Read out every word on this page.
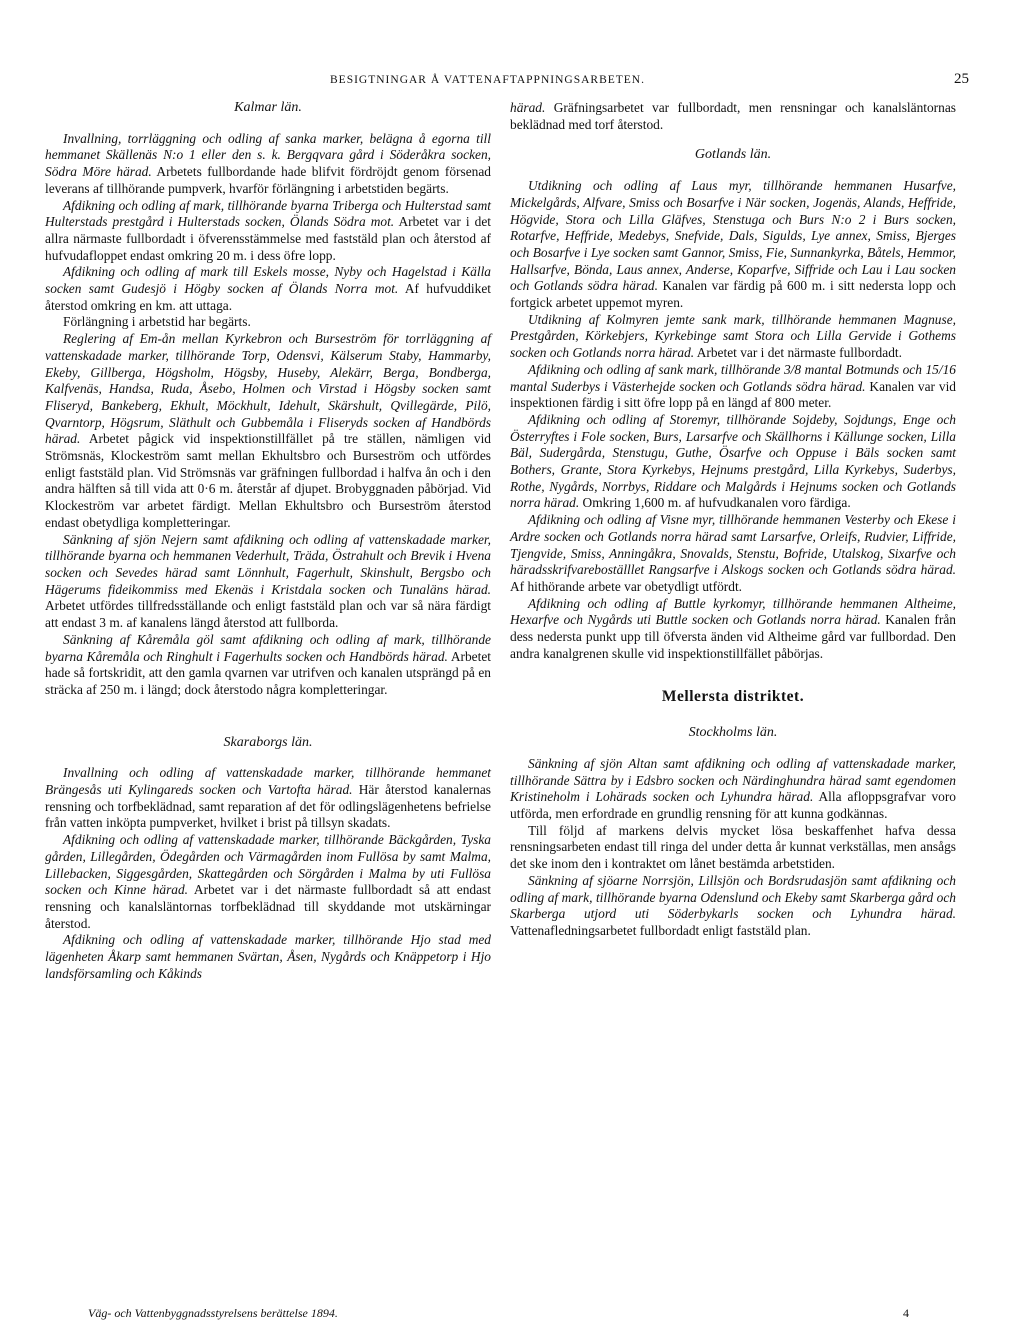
BESIGTNINGAR Å VATTENAFTAPPNINGSARBETEN.	25
Kalmar län.

Invallning, torrläggning och odling af sanka marker, belägna å egorna till hemmanet Skällenäs N:o 1 eller den s. k. Bergqvara gård i Söderåkra socken, Södra Möre härad. Arbetets fullbordande hade blifvit fördröjdt genom försenad leverans af tillhörande pumpverk, hvarför förlängning i arbetstiden begärts.

Afdikning och odling af mark, tillhörande byarna Triberga och Hulterstad samt Hulterstads prestgård i Hulterstads socken, Ölands Södra mot. Arbetet var i det allra närmaste fullbordadt i öfverensstämmelse med faststäld plan och återstod af hufvudafloppet endast omkring 20 m. i dess öfre lopp.

Afdikning och odling af mark till Eskels mosse, Nyby och Hagelstad i Källa socken samt Gudesjö i Högby socken af Ölands Norra mot. Af hufvuddiket återstod omkring en km. att uttaga.

Förlängning i arbetstid har begärts.

Reglering af Em-ån mellan Kyrkebron och Burseström för torrläggning af vattenskadade marker, tillhörande Torp, Odensvi, Kälserum Staby, Hammarby, Ekeby, Gillberga, Högsholm, Högsby, Huseby, Alekärr, Berga, Bondberga, Kalfvenäs, Handsa, Ruda, Åsebo, Holmen och Virstad i Högsby socken samt Fliseryd, Bankeberg, Ekhult, Möckhult, Idehult, Skärshult, Qvillegärde, Pilö, Qvarntorp, Högsrum, Släthult och Gubbemåla i Fliseryds socken af Handbörds härad. Arbetet pågick vid inspektionstillfället på tre ställen, nämligen vid Strömsnäs, Klockeström samt mellan Ekhultsbro och Burseström och utfördes enligt faststäld plan. Vid Strömsnäs var gräfningen fullbordad i halfva ån och i den andra hälften så till vida att 0·6 m. återstår af djupet. Brobyggnaden påbörjad. Vid Klockeström var arbetet färdigt. Mellan Ekhultsbro och Burseström återstod endast obetydliga kompletteringar.

Sänkning af sjön Nejern samt afdikning och odling af vattenskadade marker, tillhörande byarna och hemmanen Vederhult, Träda, Östrahult och Brevik i Hvena socken och Sevedes härad samt Lönnhult, Fagerhult, Skinshult, Bergsbo och Hägerums fideikommiss med Ekenäs i Kristdala socken och Tunaläns härad. Arbetet utfördes tillfredsställande och enligt faststäld plan och var så nära färdigt att endast 3 m. af kanalens längd återstod att fullborda.

Sänkning af Kåremåla göl samt afdikning och odling af mark, tillhörande byarna Kåremåla och Ringhult i Fagerhults socken och Handbörds härad. Arbetet hade så fortskridit, att den gamla qvarnen var utrifven och kanalen utsprängd på en sträcka af 250 m. i längd; dock återstodo några kompletteringar.

Skaraborgs län.

Invallning och odling af vattenskadade marker, tillhörande hemmanet Brängesås uti Kylingareds socken och Vartofta härad. Här återstod kanalernas rensning och torfbeklädnad, samt reparation af det för odlingslägenhetens befrielse från vatten inköpta pumpverket, hvilket i brist på tillsyn skadats.

Afdikning och odling af vattenskadade marker, tillhörande Bäckgården, Tyska gården, Lillegården, Ödegården och Värmagården inom Fullösa by samt Malma, Lillebacken, Siggesgården, Skattegården och Sörgården i Malma by uti Fullösa socken och Kinne härad. Arbetet var i det närmaste fullbordadt så att endast rensning och kanalsläntornas torfbeklädnad till skyddande mot utskärningar återstod.

Afdikning och odling af vattenskadade marker, tillhörande Hjo stad med lägenheten Åkarp samt hemmanen Svärtan, Åsen, Nygårds och Knäppetorp i Hjo landsförsamling och Kåkinds

härad. Gräfningsarbetet var fullbordadt, men rensningar och kanalsläntornas beklädnad med torf återstod.

Gotlands län.

Utdikning och odling af Laus myr, tillhörande hemmanen Husarfve, Mickelgårds, Alfvare, Smiss och Bosarfve i När socken, Jogenäs, Alands, Heffride, Högvide, Stora och Lilla Gläfves, Stenstuga och Burs N:o 2 i Burs socken, Rotarfve, Heffride, Medebys, Snefvide, Dals, Sigulds, Lye annex, Smiss, Bjerges och Bosarfve i Lye socken samt Gannor, Smiss, Fie, Sunnankyrka, Båtels, Hemmor, Hallsarfve, Bönda, Laus annex, Anderse, Koparfve, Siffride och Lau i Lau socken och Gotlands södra härad. Kanalen var färdig på 600 m. i sitt nedersta lopp och fortgick arbetet uppemot myren.

Utdikning af Kolmyren jemte sank mark, tillhörande hemmanen Magnuse, Prestgården, Körkebjers, Kyrkebinge samt Stora och Lilla Gervide i Gothems socken och Gotlands norra härad. Arbetet var i det närmaste fullbordadt.

Afdikning och odling af sank mark, tillhörande 3/8 mantal Botmunds och 15/16 mantal Suderbys i Västerhejde socken och Gotlands södra härad. Kanalen var vid inspektionen färdig i sitt öfre lopp på en längd af 800 meter.

Afdikning och odling af Storemyr, tillhörande Sojdeby, Sojdungs, Enge och Österryftes i Fole socken, Burs, Larsarfve och Skällhorns i Källunge socken, Lilla Bäl, Sudergårda, Stenstugu, Guthe, Ösarfve och Oppuse i Bäls socken samt Bothers, Grante, Stora Kyrkebys, Hejnums prestgård, Lilla Kyrkebys, Suderbys, Rothe, Nygårds, Norrbys, Riddare och Malgårds i Hejnums socken och Gotlands norra härad. Omkring 1,600 m. af hufvudkanalen voro färdiga.

Afdikning och odling af Visne myr, tillhörande hemmanen Vesterby och Ekese i Ardre socken och Gotlands norra härad samt Larsarfve, Orleifs, Rudvier, Liffride, Tjengvide, Smiss, Anningåkra, Snovalds, Stenstu, Bofride, Utalskog, Sixarfve och häradsskrifvareboställlet Rangsarfve i Alskogs socken och Gotlands södra härad. Af hithörande arbete var obetydligt utfördt.

Afdikning och odling af Buttle kyrkomyr, tillhörande hemmanen Altheime, Hexarfve och Nygårds uti Buttle socken och Gotlands norra härad. Kanalen från dess nedersta punkt upp till öfversta änden vid Altheime gård var fullbordad. Den andra kanalgrenen skulle vid inspektionstillfället påbörjas.

Mellersta distriktet.
Stockholms län.

Sänkning af sjön Altan samt afdikning och odling af vattenskadade marker, tillhörande Sättra by i Edsbro socken och Närdinghundra härad samt egendomen Kristineholm i Lohärads socken och Lyhundra härad. Alla afloppsgrafvar voro utförda, men erfordrade en grundlig rensning för att kunna godkännas.

Till följd af markens delvis mycket lösa beskaffenhet hafva dessa rensningsarbeten endast till ringa del under detta år kunnat verkställas, men ansågs det ske inom den i kontraktet om lånet bestämda arbetstiden.

Sänkning af sjöarne Norrsjön, Lillsjön och Bordsrudasjön samt afdikning och odling af mark, tillhörande byarna Odenslund och Ekeby samt Skarberga gård och Skarberga utjord uti Söderbykarls socken och Lyhundra härad. Vattenafledningsarbetet fullbordadt enligt faststäld plan.

Väg- och Vattenbyggnadsstyrelsens berättelse 1894.	4
